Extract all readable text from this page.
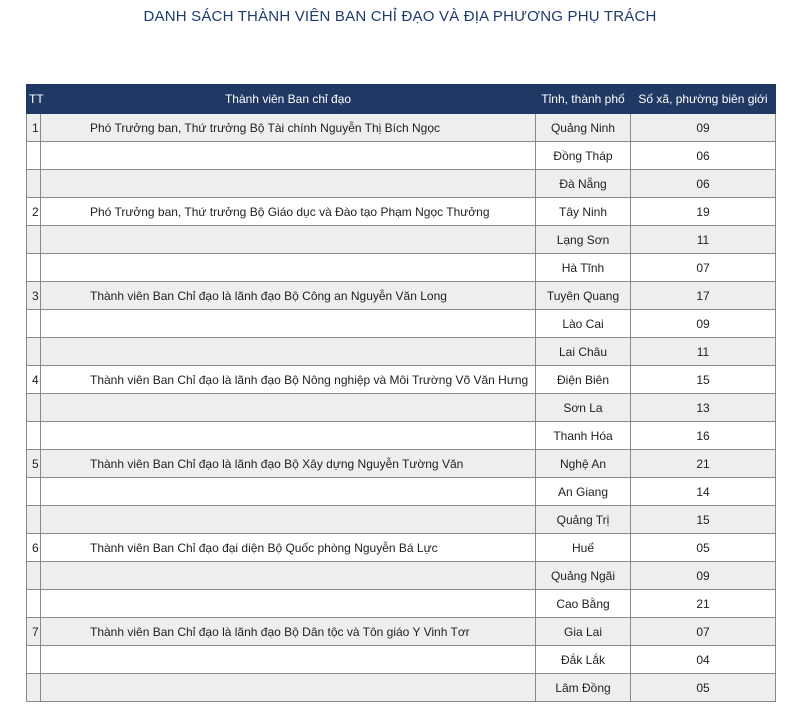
DANH SÁCH THÀNH VIÊN BAN CHỈ ĐẠO VÀ ĐỊA PHƯƠNG PHỤ TRÁCH
TT	Thành viên Ban chỉ đạo	Tỉnh, thành phố	Số xã, phường biên giới
1	Phó Trưởng ban, Thứ trưởng Bộ Tài chính Nguyễn Thị Bích Ngọc	Quảng Ninh	09
		Đồng Tháp	06
		Đà Nẵng	06
2	Phó Trưởng ban, Thứ trưởng Bộ Giáo dục và Đào tạo Phạm Ngọc Thưởng	Tây Ninh	19
		Lạng Sơn	11
		Hà Tĩnh	07
3	Thành viên Ban Chỉ đạo là lãnh đạo Bộ Công an Nguyễn Văn Long	Tuyên Quang	17
		Lào Cai	09
		Lai Châu	11
4	Thành viên Ban Chỉ đạo là lãnh đạo Bộ Nông nghiệp và Môi Trường Võ Văn Hưng	Điện Biên	15
		Sơn La	13
		Thanh Hóa	16
5	Thành viên Ban Chỉ đạo là lãnh đạo Bộ Xây dựng Nguyễn Tường Văn	Nghệ An	21
		An Giang	14
		Quảng Trị	15
6	Thành viên Ban Chỉ đạo đại diện Bộ Quốc phòng Nguyễn Bá Lực	Huế	05
		Quảng Ngãi	09
		Cao Bằng	21
7	Thành viên Ban Chỉ đạo là lãnh đạo Bộ Dân tộc và Tôn giáo Y Vinh Tơr	Gia Lai	07
		Đắk Lắk	04
		Lâm Đồng	05
